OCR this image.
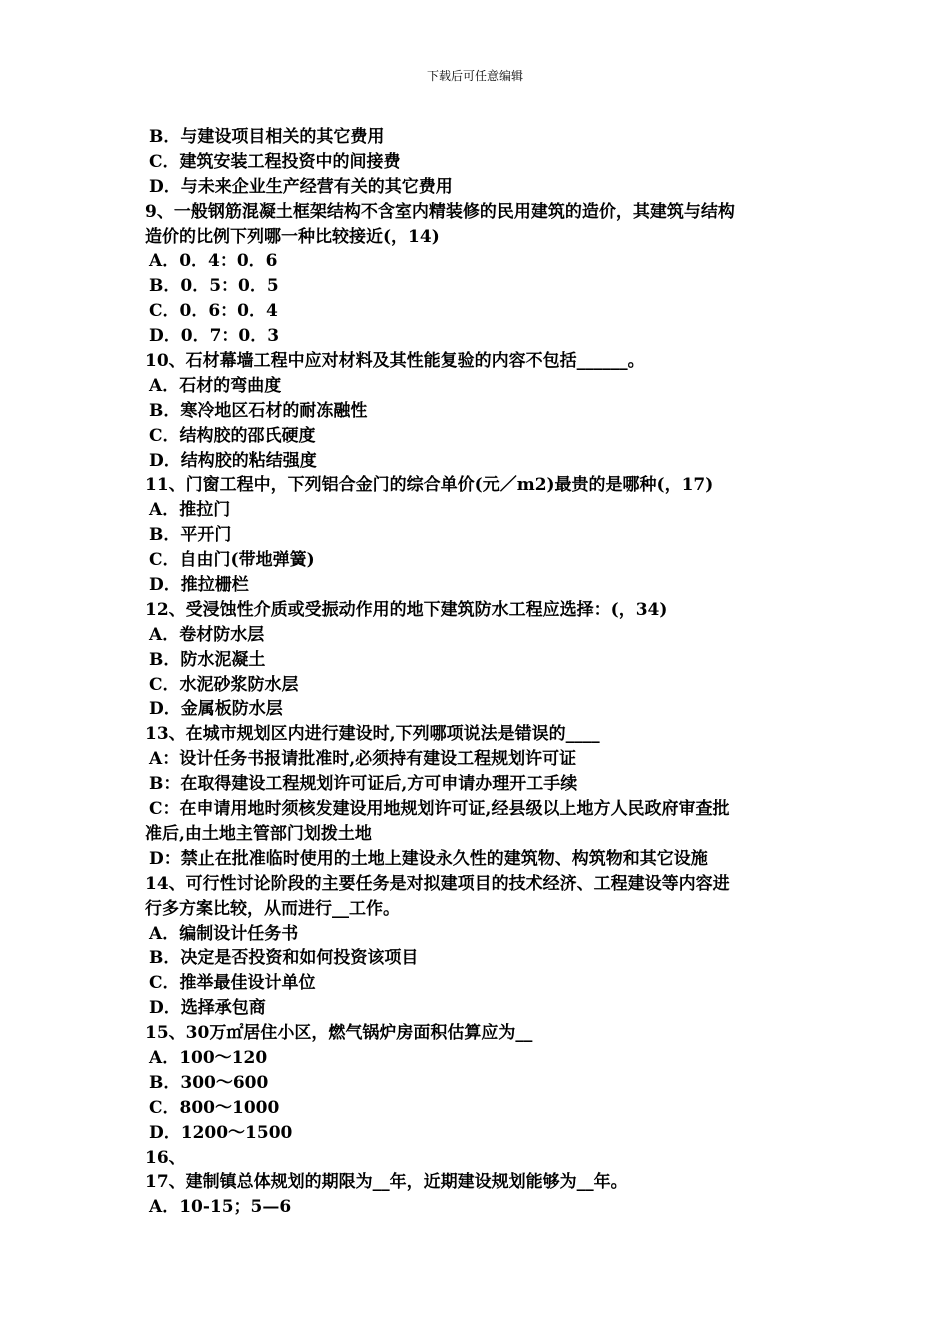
下载后可任意编辑
B．与建设项目相关的其它费用
C．建筑安装工程投资中的间接费
D．与未来企业生产经营有关的其它费用
9、一般钢筋混凝土框架结构不含室内精装修的民用建筑的造价，其建筑与结构
造价的比例下列哪一种比较接近(，14)
A．0．4：0．6
B．0．5：0．5
C．0．6：0．4
D．0．7：0．3
10、石材幕墙工程中应对材料及其性能复验的内容不包括______。
A．石材的弯曲度
B．寒冷地区石材的耐冻融性
C．结构胶的邵氏硬度
D．结构胶的粘结强度
11、门窗工程中，下列铝合金门的综合单价(元／m2)最贵的是哪种(，17)
A．推拉门
B．平开门
C．自由门(带地弹簧)
D．推拉栅栏
12、受浸蚀性介质或受振动作用的地下建筑防水工程应选择：(，34)
A．卷材防水层
B．防水泥凝土
C．水泥砂浆防水层
D．金属板防水层
13、在城市规划区内进行建设时,下列哪项说法是错误的____
A：设计任务书报请批准时,必须持有建设工程规划许可证
B：在取得建设工程规划许可证后,方可申请办理开工手续
C：在申请用地时须核发建设用地规划许可证,经县级以上地方人民政府审查批
准后,由土地主管部门划拨土地
D：禁止在批准临时使用的土地上建设永久性的建筑物、构筑物和其它设施
14、可行性讨论阶段的主要任务是对拟建项目的技术经济、工程建设等内容进
行多方案比较，从而进行__工作。
A．编制设计任务书
B．决定是否投资和如何投资该项目
C．推举最佳设计单位
D．选择承包商
15、30万㎡居住小区，燃气锅炉房面积估算应为__
A．100～120
B．300～600
C．800～1000
D．1200～1500
16、
17、建制镇总体规划的期限为__年，近期建设规划能够为__年。
A．10-15；5—6
